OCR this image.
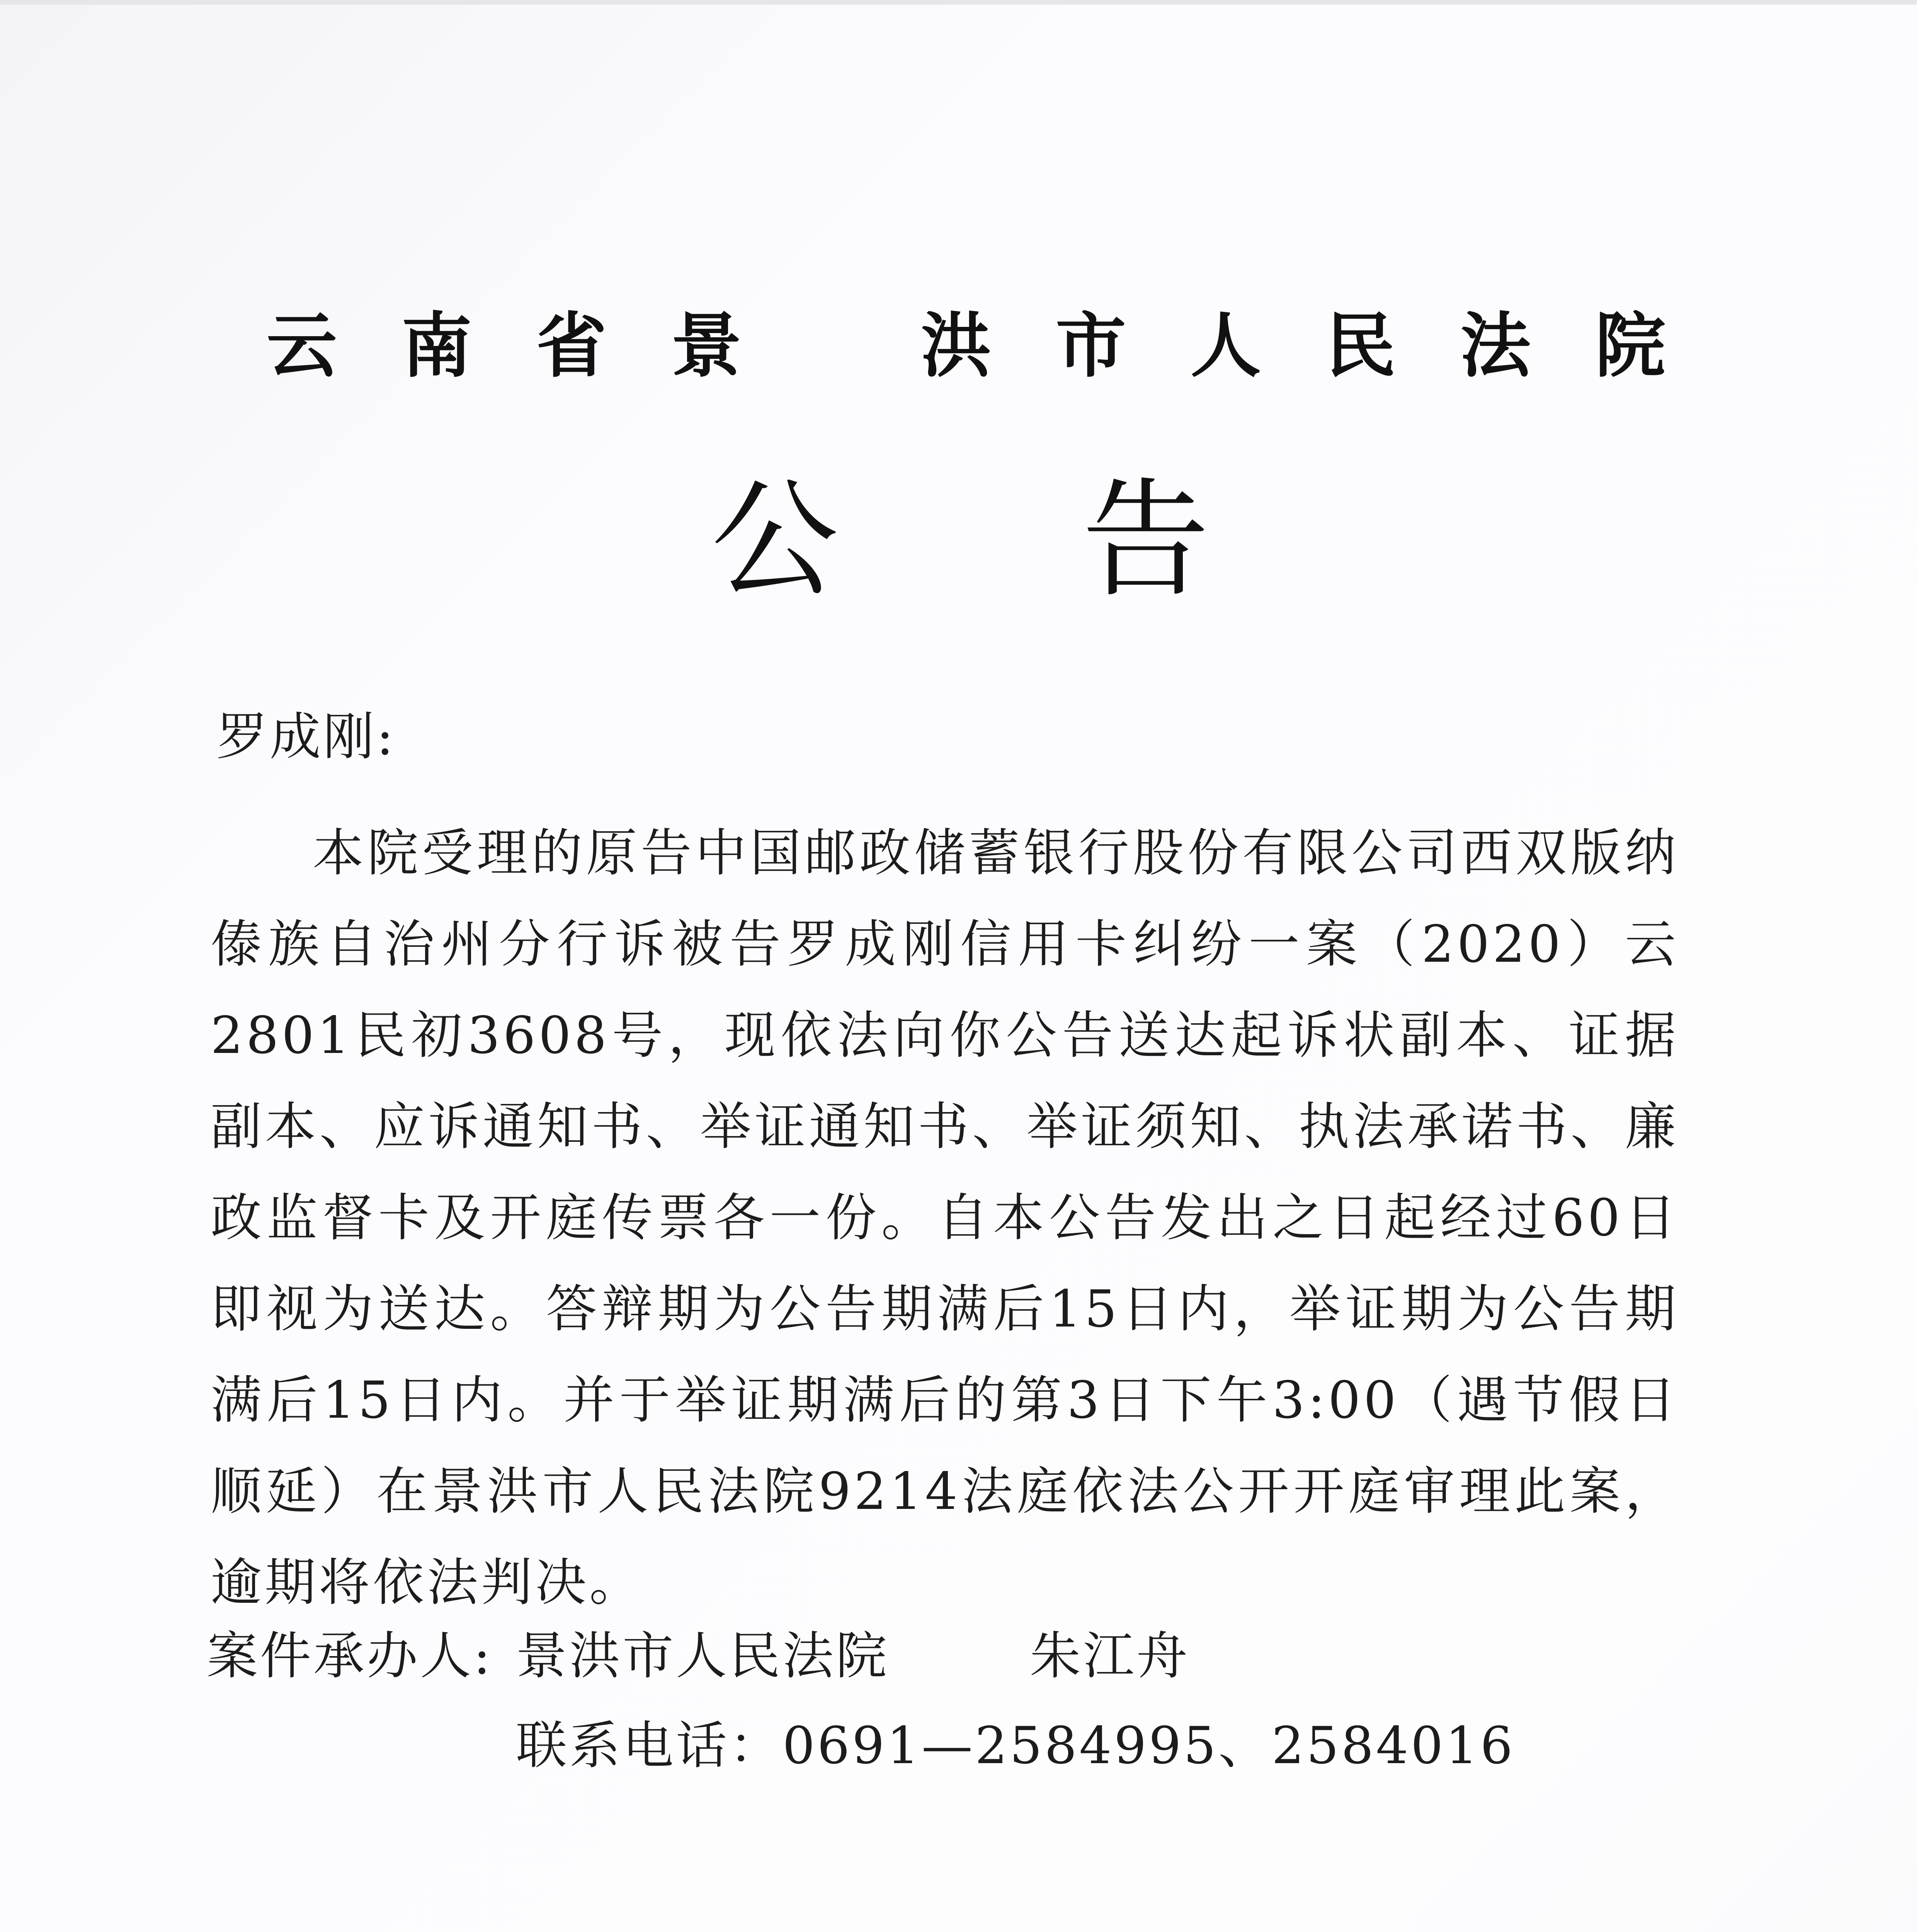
云 南 省 景	洪 市 人 民 法 院
公 告
罗成刚:
本院受理的原告中国邮政储蓄银行股份有限公司西双版纳傣族自治州分行诉被告罗成刚信用卡纠纷一案（2020）云2801民初3608号，现依法向你公告送达起诉状副本、证据副本、应诉通知书、举证通知书、举证须知、执法承诺书、廉政监督卡及开庭传票各一份。自本公告发出之日起经过60日即视为送达。答辩期为公告期满后15日内，举证期为公告期满后15日内。并于举证期满后的第3日下午3:00（遇节假日顺延）在景洪市人民法院9214法庭依法公开开庭审理此案，逾期将依法判决。
案件承办人: 景洪市人民法院	朱江舟
联系电话：0691—2584995、2584016
